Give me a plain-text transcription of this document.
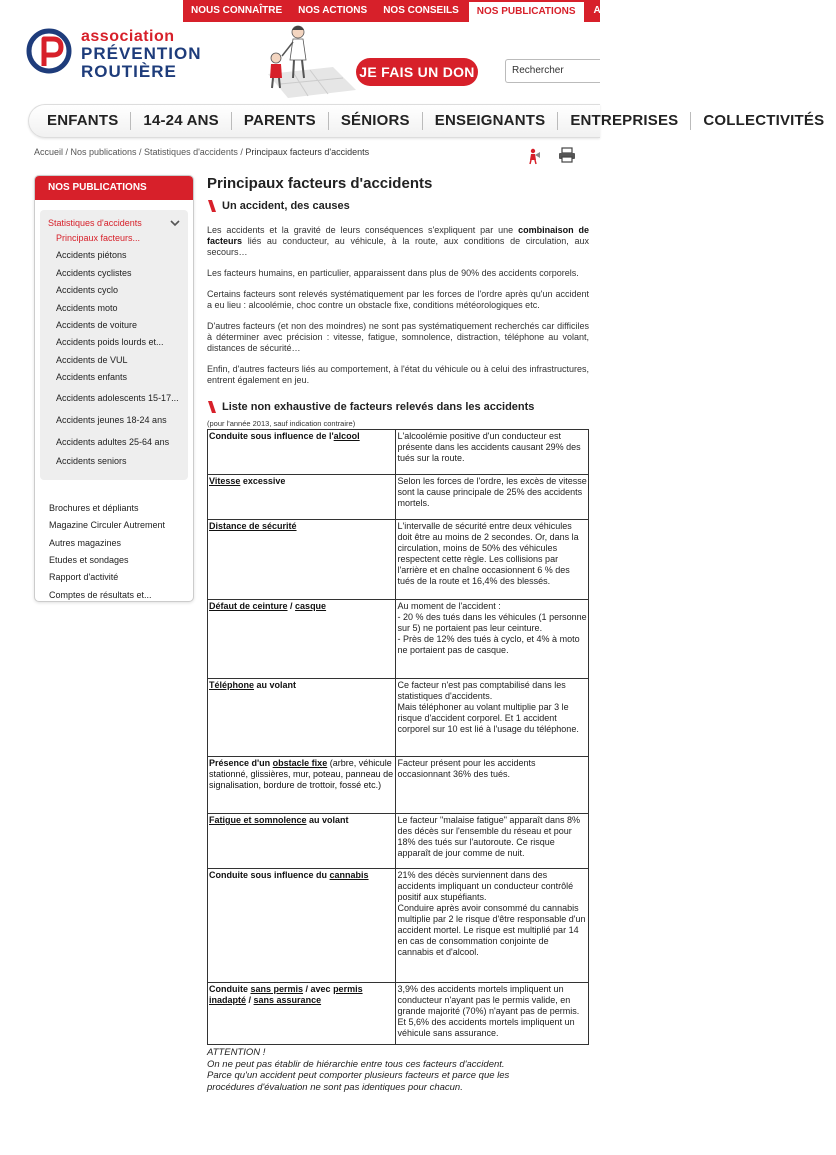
NOUS CONNAÎTRE	NOS ACTIONS	NOS CONSEILS	NOS PUBLICATIONS	AGIR AVEC NOUS
association
PRÉVENTION
ROUTIÈRE	JE FAIS UN DON	Rechercher
ENFANTS	14-24 ANS	PARENTS	SÉNIORS	ENSEIGNANTS	ENTREPRISES	COLLECTIVITÉS
Accueil / Nos publications / Statistiques d'accidents / Principaux facteurs d'accidents
NOS PUBLICATIONS
Statistiques d'accidents
Principaux facteurs...
Accidents piétons
Accidents cyclistes
Accidents cyclo
Accidents moto
Accidents de voiture
Accidents poids lourds et...
Accidents de VUL
Accidents enfants
Accidents adolescents 15-17...
Accidents jeunes 18-24 ans
Accidents adultes 25-64 ans
Accidents seniors
Brochures et dépliants
Magazine Circuler Autrement
Autres magazines
Etudes et sondages
Rapport d'activité
Comptes de résultats et...
Principaux facteurs d'accidents
Un accident, des causes

Les accidents et la gravité de leurs conséquences s'expliquent par une combinaison de facteurs liés au conducteur, au véhicule, à la route, aux conditions de circulation, aux secours…

Les facteurs humains, en particulier, apparaissent dans plus de 90% des accidents corporels.

Certains facteurs sont relevés systématiquement par les forces de l'ordre après qu'un accident a eu lieu : alcoolémie, choc contre un obstacle fixe, conditions météorologiques etc.

D'autres facteurs (et non des moindres) ne sont pas systématiquement recherchés car difficiles à déterminer avec précision : vitesse, fatigue, somnolence, distraction, téléphone au volant, distances de sécurité…

Enfin, d'autres facteurs liés au comportement, à l'état du véhicule ou à celui des infrastructures, entrent également en jeu.

Liste non exhaustive de facteurs relevés dans les accidents
(pour l'année 2013, sauf indication contraire)
Conduite sous influence de l'alcool	L'alcoolémie positive d'un conducteur est présente dans les accidents causant 29% des tués sur la route.
Vitesse excessive	Selon les forces de l'ordre, les excès de vitesse sont la cause principale de 25% des accidents mortels.
Distance de sécurité	L'intervalle de sécurité entre deux véhicules doit être au moins de 2 secondes. Or, dans la circulation, moins de 50% des véhicules respectent cette règle. Les collisions par l'arrière et en chaîne occasionnent 6 % des tués de la route et 16,4% des blessés.
Défaut de ceinture / casque	Au moment de l'accident :
- 20 % des tués dans les véhicules (1 personne sur 5) ne portaient pas leur ceinture.
- Près de 12% des tués à cyclo, et 4% à moto ne portaient pas de casque.
Téléphone au volant	Ce facteur n'est pas comptabilisé dans les statistiques d'accidents.
Mais téléphoner au volant multiplie par 3 le risque d'accident corporel. Et 1 accident corporel sur 10 est lié à l'usage du téléphone.
Présence d'un obstacle fixe (arbre, véhicule stationné, glissières, mur, poteau, panneau de signalisation, bordure de trottoir, fossé etc.)	Facteur présent pour les accidents occasionnant 36% des tués.
Fatigue et somnolence au volant	Le facteur "malaise fatigue" apparaît dans 8% des décès sur l'ensemble du réseau et pour 18% des tués sur l'autoroute. Ce risque apparaît de jour comme de nuit.
Conduite sous influence du cannabis	21% des décès surviennent dans des accidents impliquant un conducteur contrôlé positif aux stupéfiants.
Conduire après avoir consommé du cannabis multiplie par 2 le risque d'être responsable d'un accident mortel. Le risque est multiplié par 14 en cas de consommation conjointe de cannabis et d'alcool.
Conduite sans permis / avec permis inadapté / sans assurance	3,9% des accidents mortels impliquent un conducteur n'ayant pas le permis valide, en grande majorité (70%) n'ayant pas de permis. Et 5,6% des accidents mortels impliquent un véhicule sans assurance.
ATTENTION !
On ne peut pas établir de hiérarchie entre tous ces facteurs d'accident.
Parce qu'un accident peut comporter plusieurs facteurs et parce que les
procédures d'évaluation ne sont pas identiques pour chacun.
